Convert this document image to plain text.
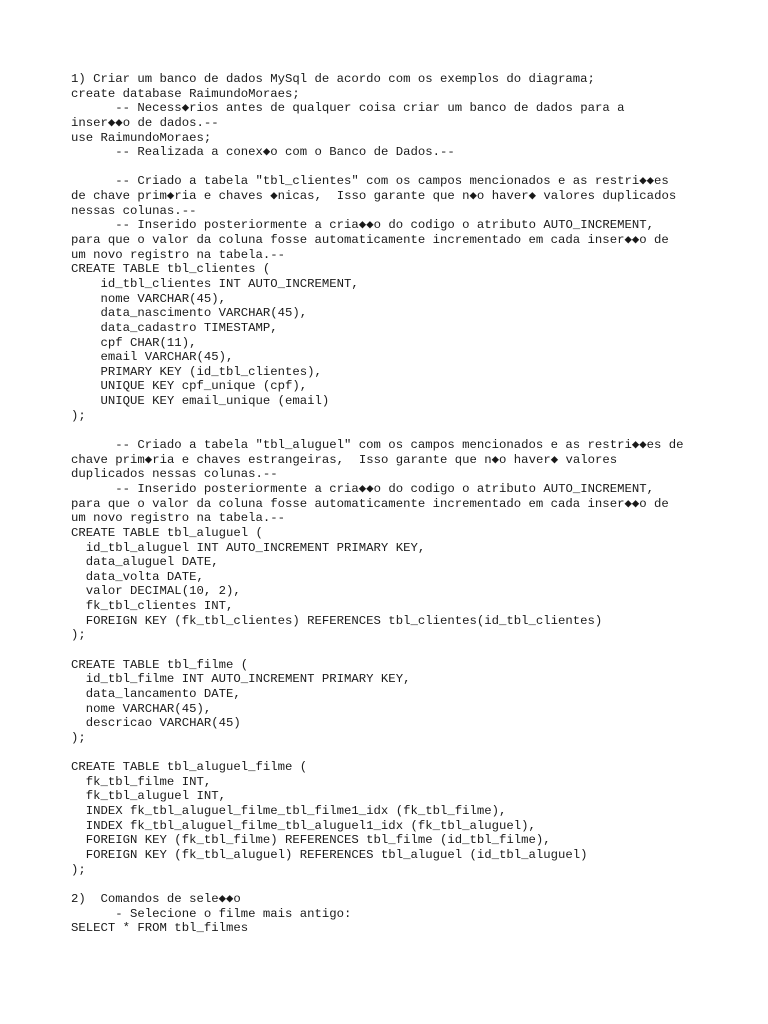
1) Criar um banco de dados MySql de acordo com os exemplos do diagrama;
create database RaimundoMoraes;
-- Necess◆rios antes de qualquer coisa criar um banco de dados para a
inser◆◆o de dados.--
use RaimundoMoraes;
-- Realizada a conex◆o com o Banco de Dados.--
-- Criado a tabela "tbl_clientes" com os campos mencionados e as restri◆◆es
de chave prim◆ria e chaves ◆nicas,  Isso garante que n◆o haver◆ valores duplicados
nessas colunas.--
-- Inserido posteriormente a cria◆◆o do codigo o atributo AUTO_INCREMENT,
para que o valor da coluna fosse automaticamente incrementado em cada inser◆◆o de
um novo registro na tabela.--
CREATE TABLE tbl_clientes (
id_tbl_clientes INT AUTO_INCREMENT,
nome VARCHAR(45),
data_nascimento VARCHAR(45),
data_cadastro TIMESTAMP,
cpf CHAR(11),
email VARCHAR(45),
PRIMARY KEY (id_tbl_clientes),
UNIQUE KEY cpf_unique (cpf),
UNIQUE KEY email_unique (email)
);
-- Criado a tabela "tbl_aluguel" com os campos mencionados e as restri◆◆es de
chave prim◆ria e chaves estrangeiras,  Isso garante que n◆o haver◆ valores
duplicados nessas colunas.--
-- Inserido posteriormente a cria◆◆o do codigo o atributo AUTO_INCREMENT,
para que o valor da coluna fosse automaticamente incrementado em cada inser◆◆o de
um novo registro na tabela.--
CREATE TABLE tbl_aluguel (
id_tbl_aluguel INT AUTO_INCREMENT PRIMARY KEY,
data_aluguel DATE,
data_volta DATE,
valor DECIMAL(10, 2),
fk_tbl_clientes INT,
FOREIGN KEY (fk_tbl_clientes) REFERENCES tbl_clientes(id_tbl_clientes)
);
CREATE TABLE tbl_filme (
id_tbl_filme INT AUTO_INCREMENT PRIMARY KEY,
data_lancamento DATE,
nome VARCHAR(45),
descricao VARCHAR(45)
);
CREATE TABLE tbl_aluguel_filme (
fk_tbl_filme INT,
fk_tbl_aluguel INT,
INDEX fk_tbl_aluguel_filme_tbl_filme1_idx (fk_tbl_filme),
INDEX fk_tbl_aluguel_filme_tbl_aluguel1_idx (fk_tbl_aluguel),
FOREIGN KEY (fk_tbl_filme) REFERENCES tbl_filme (id_tbl_filme),
FOREIGN KEY (fk_tbl_aluguel) REFERENCES tbl_aluguel (id_tbl_aluguel)
);
2)  Comandos de sele◆◆o
- Selecione o filme mais antigo:
SELECT * FROM tbl_filmes
